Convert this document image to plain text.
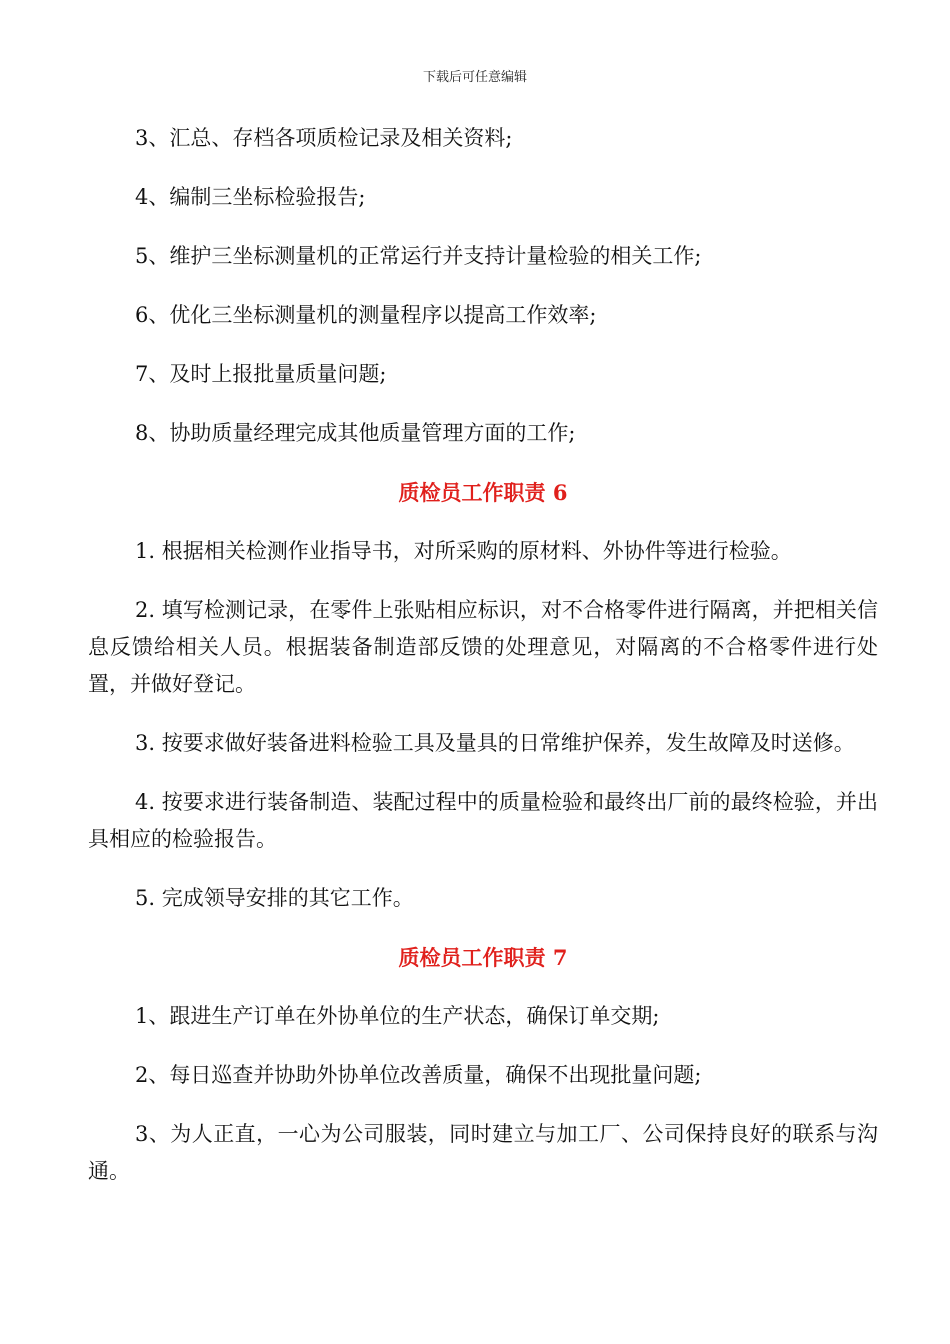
下载后可任意编辑

3、汇总、存档各项质检记录及相关资料;

4、编制三坐标检验报告;

5、维护三坐标测量机的正常运行并支持计量检验的相关工作;

6、优化三坐标测量机的测量程序以提高工作效率;

7、及时上报批量质量问题;

8、协助质量经理完成其他质量管理方面的工作;

质检员工作职责 6

1. 根据相关检测作业指导书，对所采购的原材料、外协件等进行检验。

2. 填写检测记录，在零件上张贴相应标识，对不合格零件进行隔离，并把相关信息反馈给相关人员。根据装备制造部反馈的处理意见，对隔离的不合格零件进行处置，并做好登记。

3. 按要求做好装备进料检验工具及量具的日常维护保养，发生故障及时送修。

4. 按要求进行装备制造、装配过程中的质量检验和最终出厂前的最终检验，并出具相应的检验报告。

5. 完成领导安排的其它工作。

质检员工作职责 7

1、跟进生产订单在外协单位的生产状态，确保订单交期;

2、每日巡查并协助外协单位改善质量，确保不出现批量问题;

3、为人正直，一心为公司服装，同时建立与加工厂、公司保持良好的联系与沟通。
